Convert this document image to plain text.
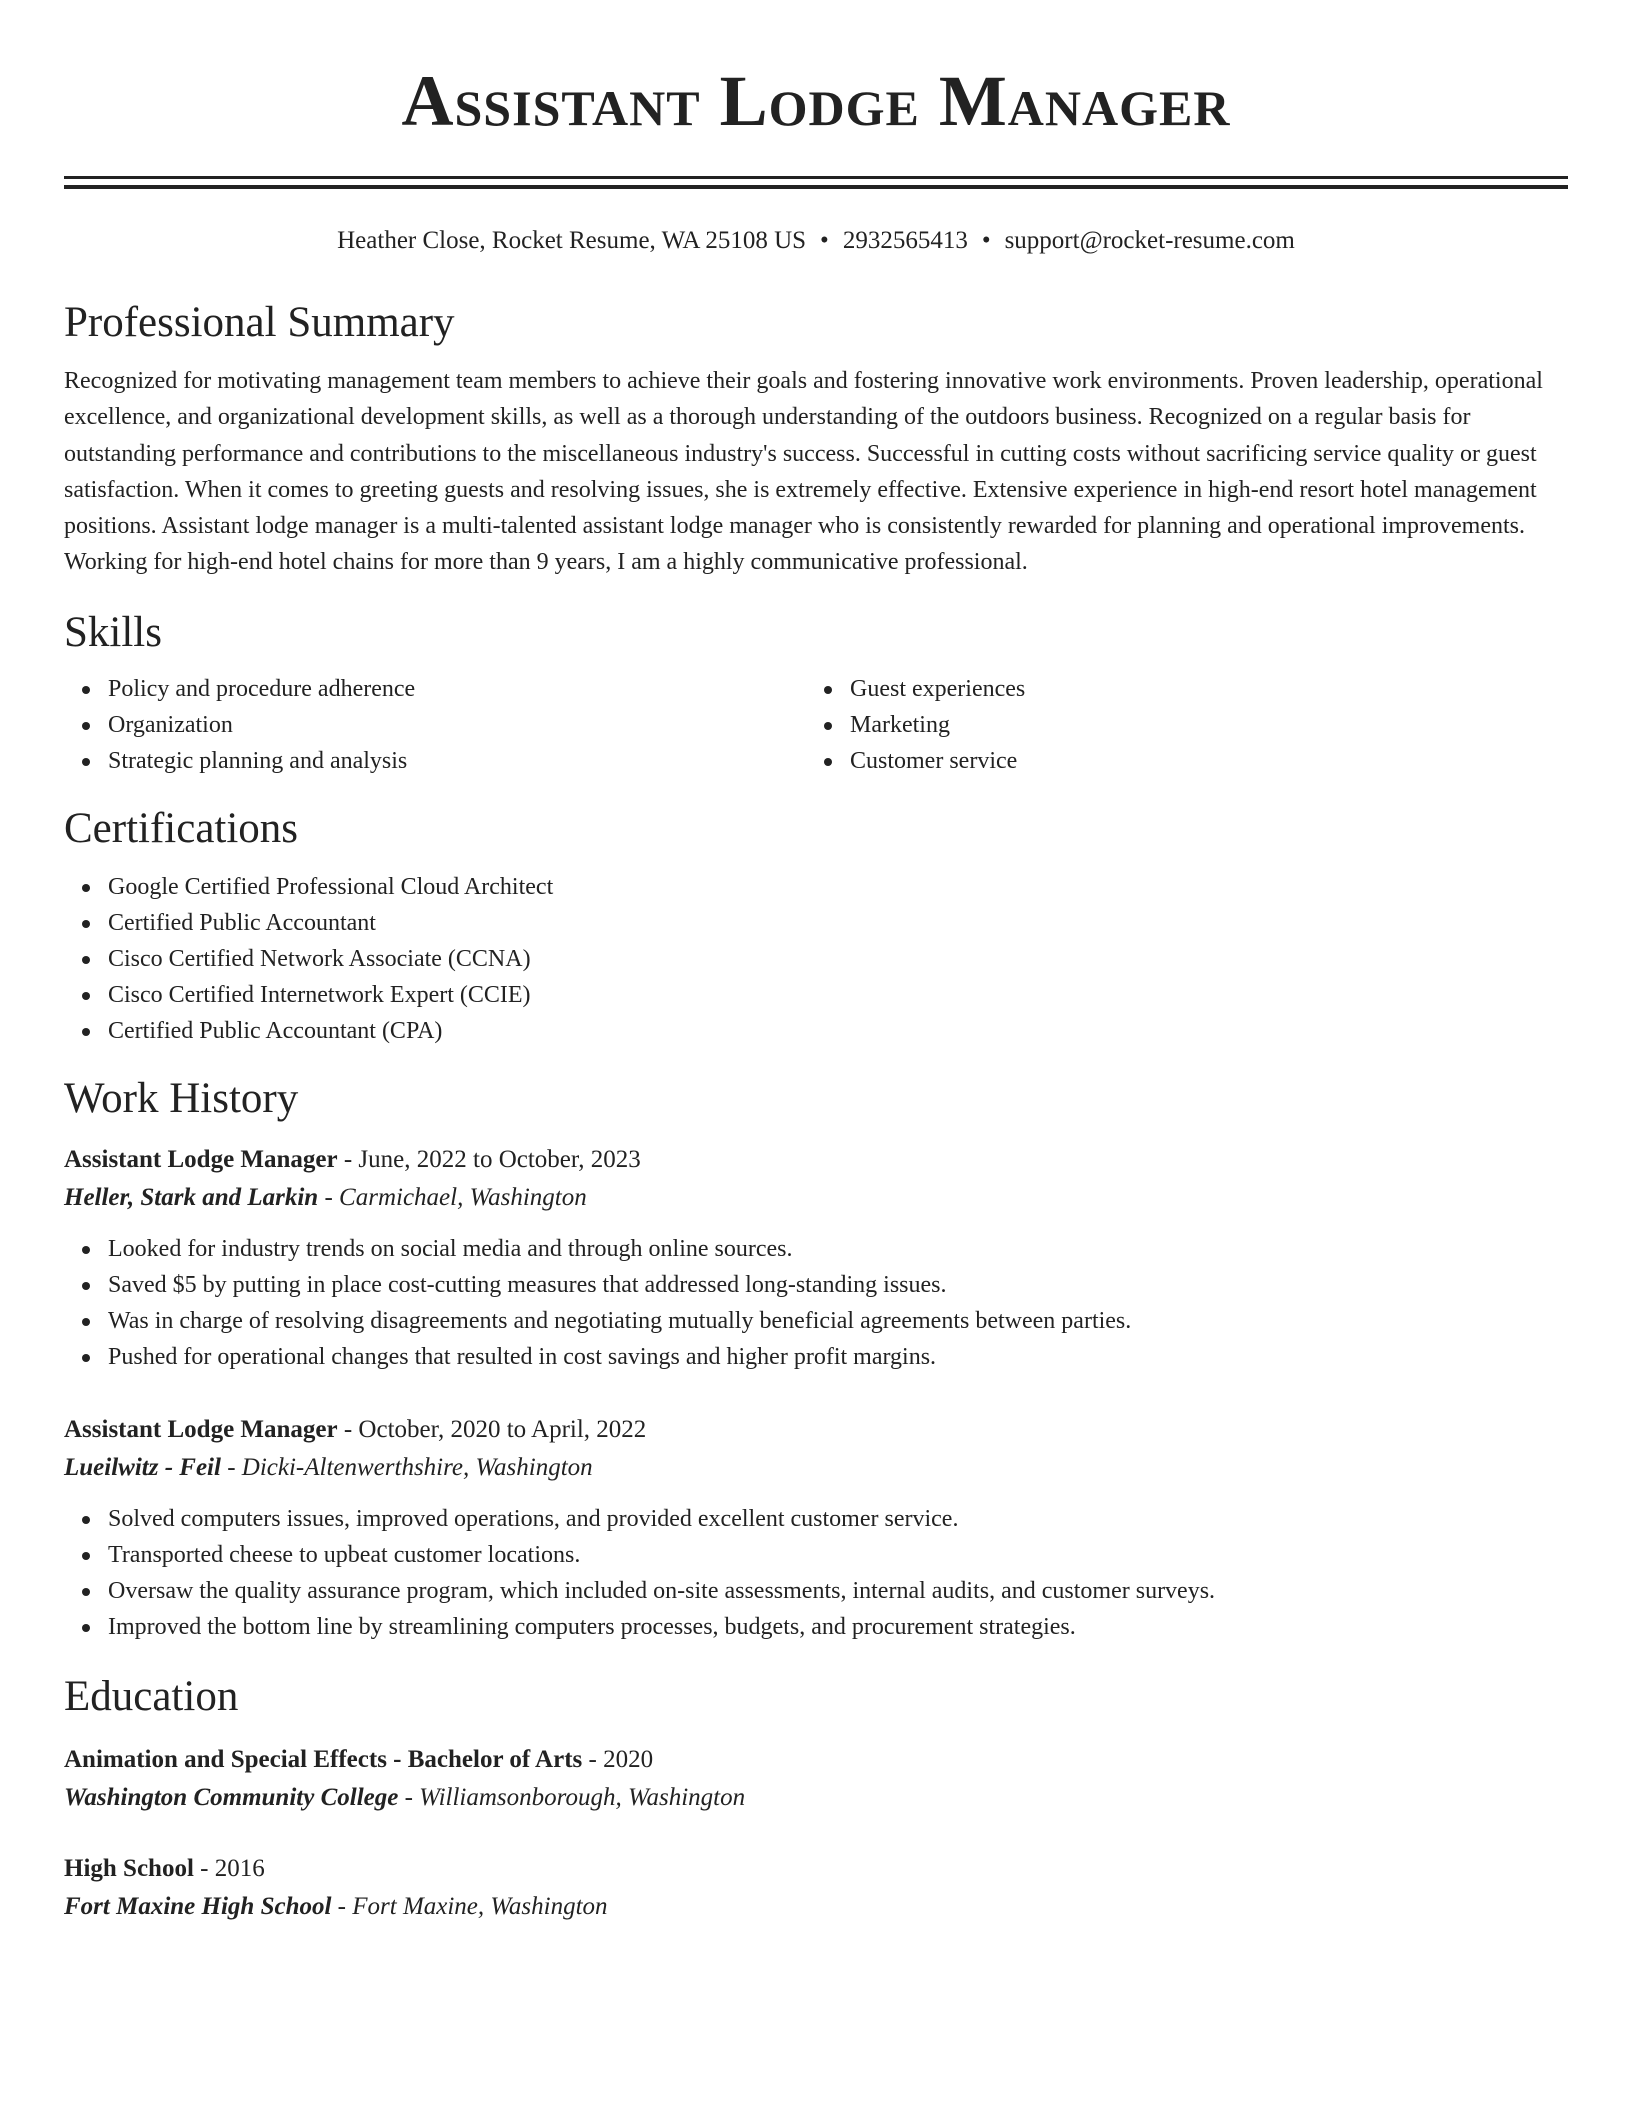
Assistant Lodge Manager
Heather Close, Rocket Resume, WA 25108 US • 2932565413 • support@rocket-resume.com
Professional Summary

Recognized for motivating management team members to achieve their goals and fostering innovative work environments. Proven leadership, operational excellence, and organizational development skills, as well as a thorough understanding of the outdoors business. Recognized on a regular basis for outstanding performance and contributions to the miscellaneous industry's success. Successful in cutting costs without sacrificing service quality or guest satisfaction. When it comes to greeting guests and resolving issues, she is extremely effective. Extensive experience in high-end resort hotel management positions. Assistant lodge manager is a multi-talented assistant lodge manager who is consistently rewarded for planning and operational improvements. Working for high-end hotel chains for more than 9 years, I am a highly communicative professional.

Skills
Policy and procedure adherence
Organization
Strategic planning and analysis
Guest experiences
Marketing
Customer service
Certifications
Google Certified Professional Cloud Architect
Certified Public Accountant
Cisco Certified Network Associate (CCNA)
Cisco Certified Internetwork Expert (CCIE)
Certified Public Accountant (CPA)
Work History
Assistant Lodge Manager - June, 2022 to October, 2023
Heller, Stark and Larkin - Carmichael, Washington
Looked for industry trends on social media and through online sources.
Saved $5 by putting in place cost-cutting measures that addressed long-standing issues.
Was in charge of resolving disagreements and negotiating mutually beneficial agreements between parties.
Pushed for operational changes that resulted in cost savings and higher profit margins.
Assistant Lodge Manager - October, 2020 to April, 2022
Lueilwitz - Feil - Dicki-Altenwerthshire, Washington
Solved computers issues, improved operations, and provided excellent customer service.
Transported cheese to upbeat customer locations.
Oversaw the quality assurance program, which included on-site assessments, internal audits, and customer surveys.
Improved the bottom line by streamlining computers processes, budgets, and procurement strategies.
Education
Animation and Special Effects - Bachelor of Arts - 2020
Washington Community College - Williamsonborough, Washington
High School - 2016
Fort Maxine High School - Fort Maxine, Washington
